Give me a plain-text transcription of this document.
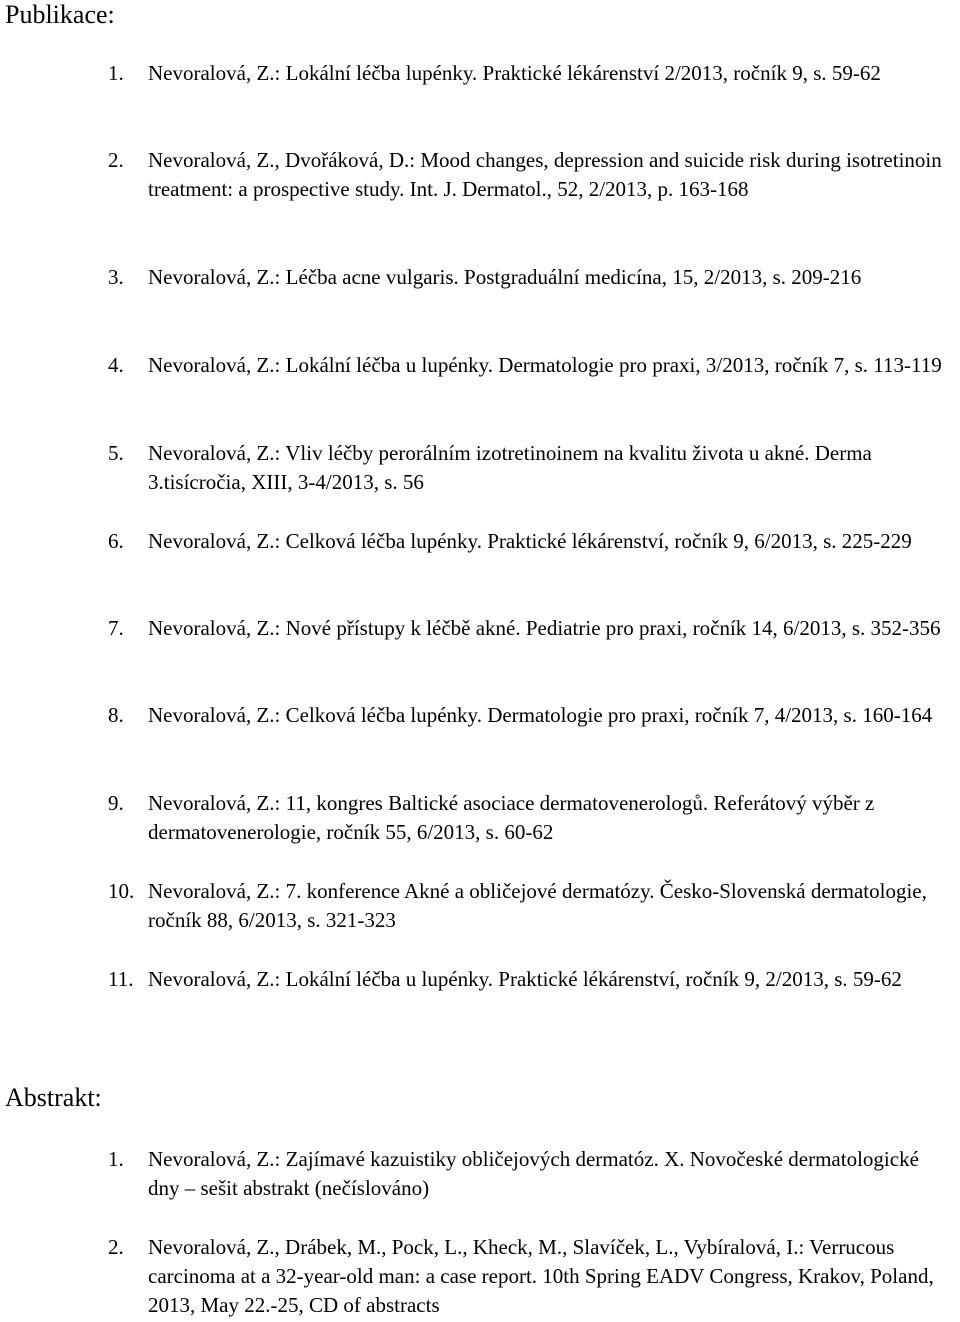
Publikace:
1. Nevoralová, Z.: Lokální léčba lupénky. Praktické lékárenství 2/2013, ročník 9, s. 59-62
2. Nevoralová, Z., Dvořáková, D.: Mood changes, depression and suicide risk during isotretinoin treatment: a prospective study. Int. J. Dermatol., 52, 2/2013, p. 163-168
3. Nevoralová, Z.: Léčba acne vulgaris. Postgraduální medicína, 15, 2/2013, s. 209-216
4. Nevoralová, Z.: Lokální léčba u lupénky. Dermatologie pro praxi, 3/2013, ročník 7, s. 113-119
5. Nevoralová, Z.: Vliv léčby perorálním izotretinoinem na kvalitu života u akné. Derma 3.tisícročia, XIII, 3-4/2013, s. 56
6. Nevoralová, Z.: Celková léčba lupénky. Praktické lékárenství, ročník 9, 6/2013, s. 225-229
7. Nevoralová, Z.: Nové přístupy k léčbě akné. Pediatrie pro praxi, ročník 14, 6/2013, s. 352-356
8. Nevoralová, Z.: Celková léčba lupénky. Dermatologie pro praxi, ročník 7, 4/2013, s. 160-164
9. Nevoralová, Z.: 11, kongres Baltické asociace dermatovenerologů. Referátový výběr z dermatovenerologie, ročník 55, 6/2013, s. 60-62
10. Nevoralová, Z.: 7. konference Akné a obličejové dermatózy. Česko-Slovenská dermatologie, ročník 88, 6/2013, s. 321-323
11. Nevoralová, Z.: Lokální léčba u lupénky. Praktické lékárenství, ročník 9, 2/2013, s. 59-62
Abstrakt:
1. Nevoralová, Z.: Zajímavé kazuistiky obličejových dermatóz. X. Novočeské dermatologické dny – sešit abstrakt (nečíslováno)
2. Nevoralová, Z., Drábek, M., Pock, L., Kheck, M., Slavíček, L., Vybíralová, I.: Verrucous carcinoma at a 32-year-old man: a case report. 10th Spring EADV Congress, Krakov, Poland, 2013, May 22.-25, CD of abstracts
